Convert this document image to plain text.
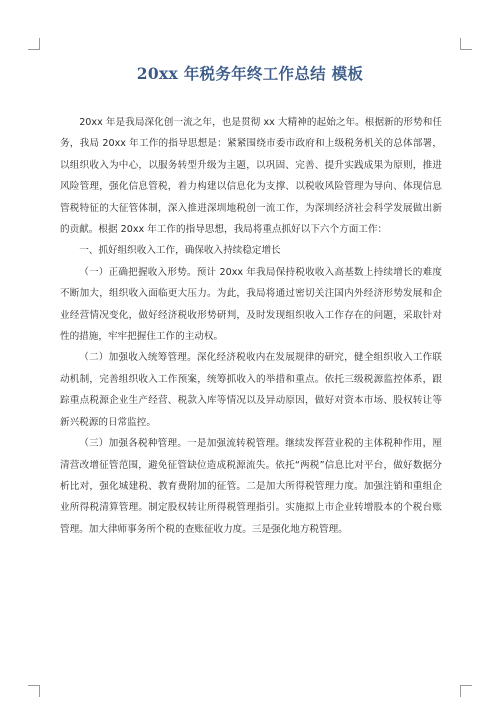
20xx 年税务年终工作总结 模板

20xx 年是我局深化创一流之年，也是贯彻 xx 大精神的起始之年。根据新的形势和任务，我局 20xx 年工作的指导思想是：紧紧围绕市委市政府和上级税务机关的总体部署，以组织收入为中心，以服务转型升级为主题，以巩固、完善、提升实践成果为原则，推进风险管理，强化信息管税，着力构建以信息化为支撑、以税收风险管理为导向、体现信息管税特征的大征管体制，深入推进深圳地税创一流工作，为深圳经济社会科学发展做出新的贡献。根据 20xx 年工作的指导思想，我局将重点抓好以下六个方面工作：

一、抓好组织收入工作，确保收入持续稳定增长

（一）正确把握收入形势。预计 20xx 年我局保持税收收入高基数上持续增长的难度不断加大，组织收入面临更大压力。为此，我局将通过密切关注国内外经济形势发展和企业经营情况变化，做好经济税收形势研判，及时发现组织收入工作存在的问题，采取针对性的措施，牢牢把握住工作的主动权。

（二）加强收入统筹管理。深化经济税收内在发展规律的研究，健全组织收入工作联动机制，完善组织收入工作预案，统筹抓收入的举措和重点。依托三级税源监控体系，跟踪重点税源企业生产经营、税款入库等情况以及异动原因，做好对资本市场、股权转让等新兴税源的日常监控。

（三）加强各税种管理。一是加强流转税管理。继续发挥营业税的主体税种作用，厘清营改增征管范围，避免征管缺位造成税源流失。依托“两税”信息比对平台，做好数据分析比对，强化城建税、教育费附加的征管。二是加大所得税管理力度。加强注销和重组企业所得税清算管理。制定股权转让所得税管理指引。实施拟上市企业转增股本的个税台账管理。加大律师事务所个税的查账征收力度。三是强化地方税管理。
